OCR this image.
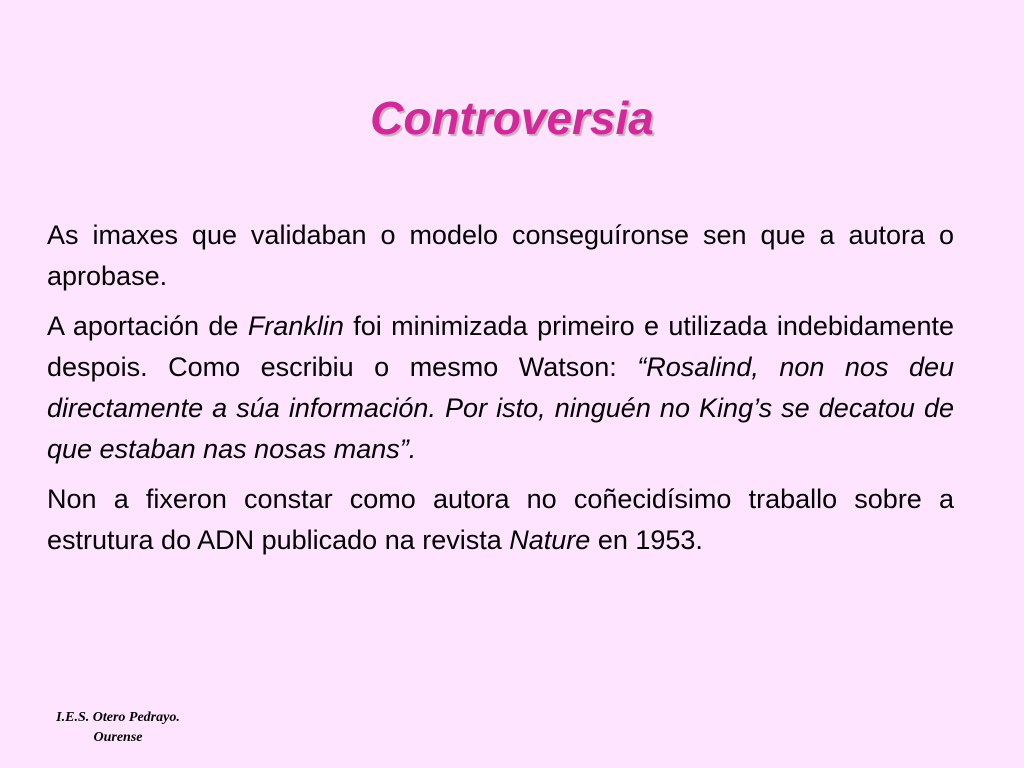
Controversia

As imaxes que validaban o modelo conseguíronse sen que a autora o aprobase.

A aportación de Franklin foi minimizada primeiro e utilizada indebidamente despois. Como escribiu o mesmo Watson: “Rosalind, non nos deu directamente a súa información. Por isto, ninguén no King’s se decatou de que estaban nas nosas mans”.

Non a fixeron constar como autora no coñecidísimo traballo sobre a estrutura do ADN publicado na revista Nature en 1953.

I.E.S. Otero Pedrayo.
Ourense
